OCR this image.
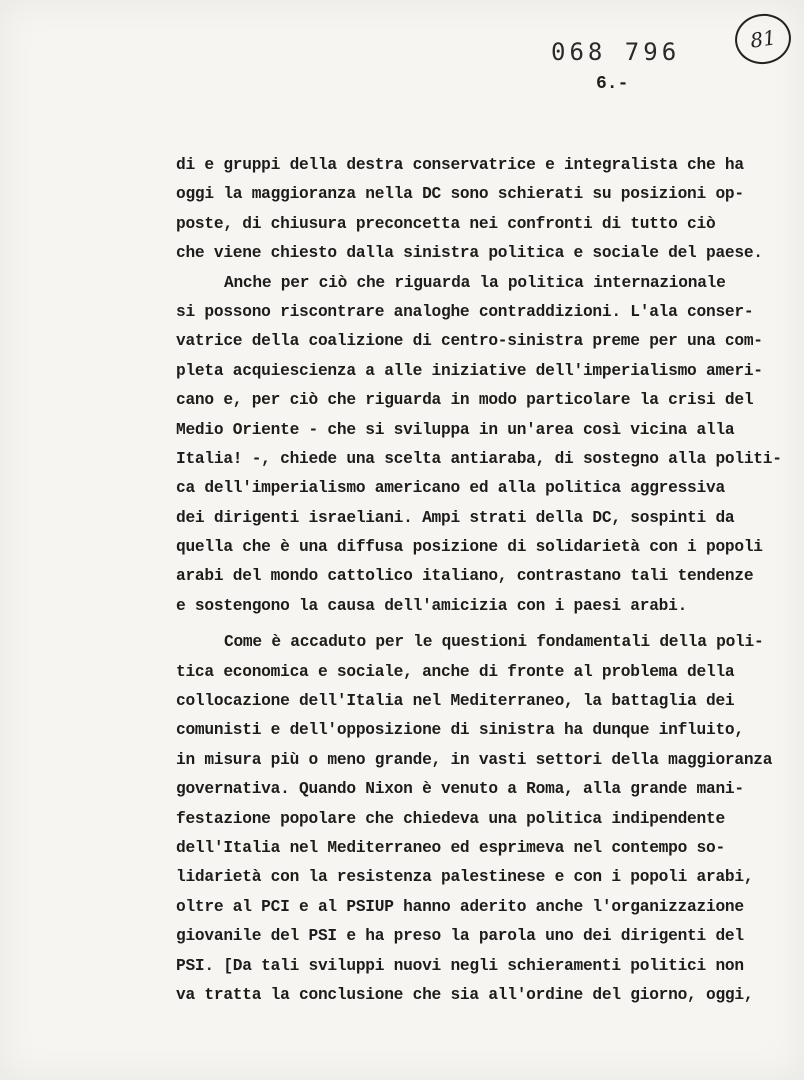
068 796	81
6.-
di e gruppi della destra conservatrice e integralista che ha
oggi la maggioranza nella DC sono schierati su posizioni op-
poste, di chiusura preconcetta nei confronti di tutto ciò
che viene chiesto dalla sinistra politica e sociale del paese.
Anche per ciò che riguarda la politica internazionale
si possono riscontrare analoghe contraddizioni. L'ala conser-
vatrice della coalizione di centro-sinistra preme per una com-
pleta acquiescienza a alle iniziative dell'imperialismo ameri-
cano e, per ciò che riguarda in modo particolare la crisi del
Medio Oriente - che si sviluppa in un'area così vicina alla
Italia! -, chiede una scelta antiaraba, di sostegno alla politi-
ca dell'imperialismo americano ed alla politica aggressiva
dei dirigenti israeliani. Ampi strati della DC, sospinti da
quella che è una diffusa posizione di solidarietà con i popoli
arabi del mondo cattolico italiano, contrastano tali tendenze
e sostengono la causa dell'amicizia con i paesi arabi.
Come è accaduto per le questioni fondamentali della poli-
tica economica e sociale, anche di fronte al problema della
collocazione dell'Italia nel Mediterraneo, la battaglia dei
comunisti e dell'opposizione di sinistra ha dunque influito,
in misura più o meno grande, in vasti settori della maggioranza
governativa. Quando Nixon è venuto a Roma, alla grande mani-
festazione popolare che chiedeva una politica indipendente
dell'Italia nel Mediterraneo ed esprimeva nel contempo so-
lidarietà con la resistenza palestinese e con i popoli arabi,
oltre al PCI e al PSIUP hanno aderito anche l'organizzazione
giovanile del PSI e ha preso la parola uno dei dirigenti del
PSI. [Da tali sviluppi nuovi negli schieramenti politici non
va tratta la conclusione che sia all'ordine del giorno, oggi,
